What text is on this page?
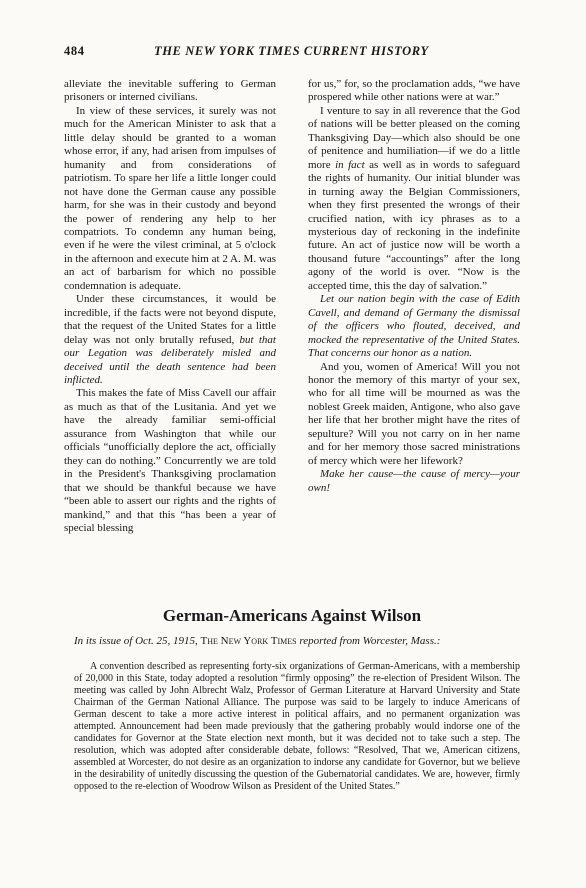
484	THE NEW YORK TIMES CURRENT HISTORY

alleviate the inevitable suffering to German prisoners or interned civilians.

In view of these services, it surely was not much for the American Minister to ask that a little delay should be granted to a woman whose error, if any, had arisen from impulses of humanity and from considerations of patriotism. To spare her life a little longer could not have done the German cause any possible harm, for she was in their custody and beyond the power of rendering any help to her compatriots. To condemn any human being, even if he were the vilest criminal, at 5 o'clock in the afternoon and execute him at 2 A. M. was an act of barbarism for which no possible condemnation is adequate.

Under these circumstances, it would be incredible, if the facts were not beyond dispute, that the request of the United States for a little delay was not only brutally refused, but that our Legation was deliberately misled and deceived until the death sentence had been inflicted.

This makes the fate of Miss Cavell our affair as much as that of the Lusitania. And yet we have the already familiar semi-official assurance from Washington that while our officials “unofficially deplore the act, officially they can do nothing.” Concurrently we are told in the President's Thanksgiving proclamation that we should be thankful because we have “been able to assert our rights and the rights of mankind,” and that this “has been a year of special blessing

for us,” for, so the proclamation adds, “we have prospered while other nations were at war.”

I venture to say in all reverence that the God of nations will be better pleased on the coming Thanksgiving Day—which also should be one of penitence and humiliation—if we do a little more in fact as well as in words to safeguard the rights of humanity. Our initial blunder was in turning away the Belgian Commissioners, when they first presented the wrongs of their crucified nation, with icy phrases as to a mysterious day of reckoning in the indefinite future. An act of justice now will be worth a thousand future “accountings” after the long agony of the world is over. “Now is the accepted time, this the day of salvation.”

Let our nation begin with the case of Edith Cavell, and demand of Germany the dismissal of the officers who flouted, deceived, and mocked the representative of the United States. That concerns our honor as a nation.

And you, women of America! Will you not honor the memory of this martyr of your sex, who for all time will be mourned as was the noblest Greek maiden, Antigone, who also gave her life that her brother might have the rites of sepulture? Will you not carry on in her name and for her memory those sacred ministrations of mercy which were her lifework?

Make her cause—the cause of mercy—your own!

German-Americans Against Wilson
In its issue of Oct. 25, 1915, The New York Times reported from Worcester, Mass.:

A convention described as representing forty-six organizations of German-Americans, with a membership of 20,000 in this State, today adopted a resolution “firmly opposing” the re-election of President Wilson. The meeting was called by John Albrecht Walz, Professor of German Literature at Harvard University and State Chairman of the German National Alliance. The purpose was said to be largely to induce Americans of German descent to take a more active interest in political affairs, and no permanent organization was attempted. Announcement had been made previously that the gathering probably would indorse one of the candidates for Governor at the State election next month, but it was decided not to take such a step. The resolution, which was adopted after considerable debate, follows: “Resolved, That we, American citizens, assembled at Worcester, do not desire as an organization to indorse any candidate for Governor, but we believe in the desirability of unitedly discussing the question of the Gubernatorial candidates. We are, however, firmly opposed to the re-election of Woodrow Wilson as President of the United States.”
